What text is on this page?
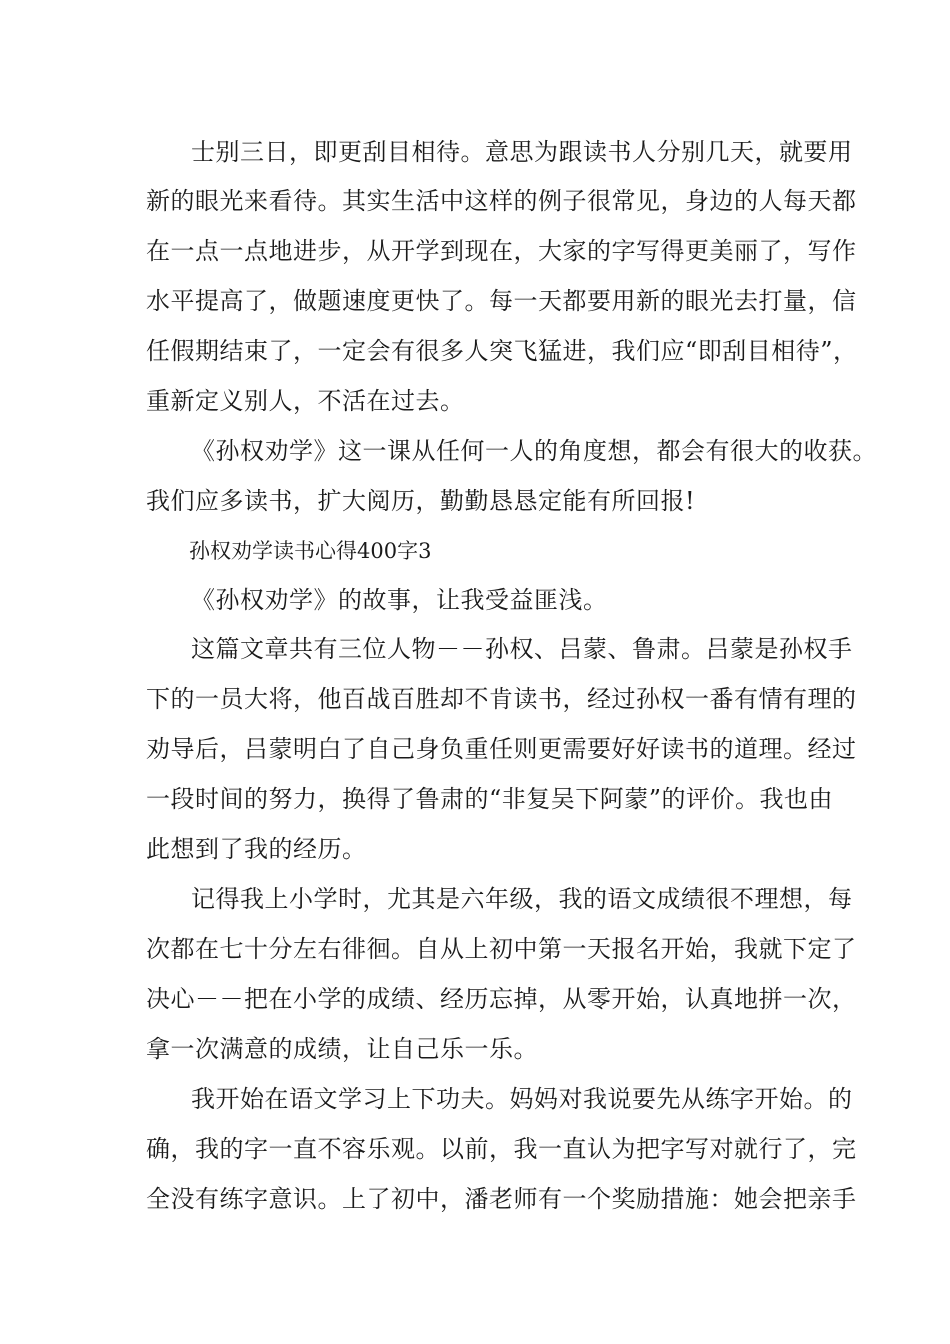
士别三日，即更刮目相待。意思为跟读书人分别几天，就要用
新的眼光来看待。其实生活中这样的例子很常见，身边的人每天都
在一点一点地进步，从开学到现在，大家的字写得更美丽了，写作
水平提高了，做题速度更快了。每一天都要用新的眼光去打量，信
任假期结束了，一定会有很多人突飞猛进，我们应“即刮目相待”，
重新定义别人，不活在过去。
《孙权劝学》这一课从任何一人的角度想，都会有很大的收获。
我们应多读书，扩大阅历，勤勤恳恳定能有所回报!
孙权劝学读书心得400字3
《孙权劝学》的故事，让我受益匪浅。
这篇文章共有三位人物－－孙权、吕蒙、鲁肃。吕蒙是孙权手
下的一员大将，他百战百胜却不肯读书，经过孙权一番有情有理的
劝导后，吕蒙明白了自己身负重任则更需要好好读书的道理。经过
一段时间的努力，换得了鲁肃的“非复吴下阿蒙”的评价。我也由
此想到了我的经历。
记得我上小学时，尤其是六年级，我的语文成绩很不理想，每
次都在七十分左右徘徊。自从上初中第一天报名开始，我就下定了
决心－－把在小学的成绩、经历忘掉，从零开始，认真地拼一次，
拿一次满意的成绩，让自己乐一乐。
我开始在语文学习上下功夫。妈妈对我说要先从练字开始。的
确，我的字一直不容乐观。以前，我一直认为把字写对就行了，完
全没有练字意识。上了初中，潘老师有一个奖励措施：她会把亲手
